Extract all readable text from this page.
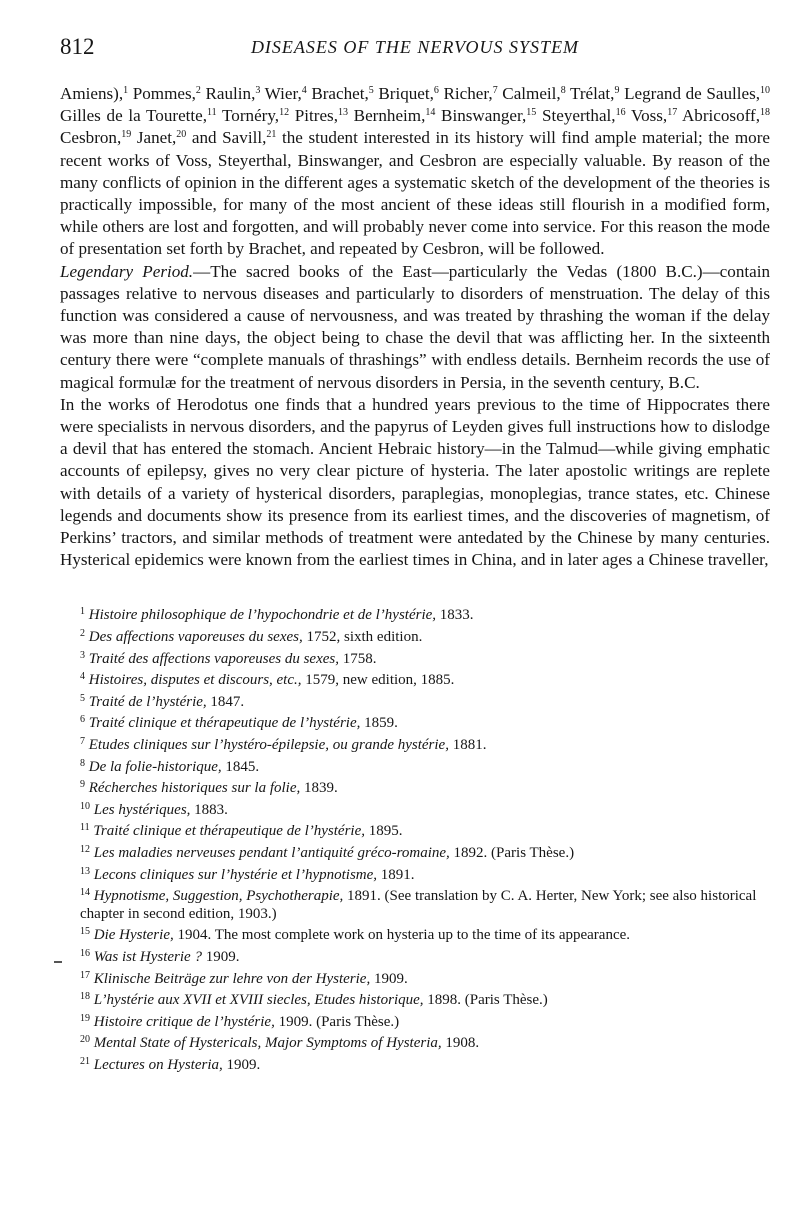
812	DISEASES OF THE NERVOUS SYSTEM

Amiens),$^1$ Pommes,$^2$ Raulin,$^3$ Wier,$^4$ Brachet,$^5$ Briquet,$^6$ Richer,$^7$ Calmeil,$^8$ Trélat,$^9$ Legrand de Saulles,$^{10}$ Gilles de la Tourette,$^{11}$ Tornéry,$^{12}$ Pitres,$^{13}$ Bernheim,$^{14}$ Binswanger,$^{15}$ Steyerthal,$^{16}$ Voss,$^{17}$ Abricosoff,$^{18}$ Cesbron,$^{19}$ Janet,$^{20}$ and Savill,$^{21}$ the student interested in its history will find ample material; the more recent works of Voss, Steyerthal, Binswanger, and Cesbron are especially valuable. By reason of the many conflicts of opinion in the different ages a systematic sketch of the development of the theories is practically impossible, for many of the most ancient of these ideas still flourish in a modified form, while others are lost and forgotten, and will probably never come into service. For this reason the mode of presentation set forth by Brachet, and repeated by Cesbron, will be followed.

Legendary Period.—The sacred books of the East—particularly the Vedas (1800 B.C.)—contain passages relative to nervous diseases and particularly to disorders of menstruation. The delay of this function was considered a cause of nervousness, and was treated by thrashing the woman if the delay was more than nine days, the object being to chase the devil that was afflicting her. In the sixteenth century there were “complete manuals of thrashings” with endless details. Bernheim records the use of magical formulæ for the treatment of nervous disorders in Persia, in the seventh century, B.C.

In the works of Herodotus one finds that a hundred years previous to the time of Hippocrates there were specialists in nervous disorders, and the papyrus of Leyden gives full instructions how to dislodge a devil that has entered the stomach. Ancient Hebraic history—in the Talmud—while giving emphatic accounts of epilepsy, gives no very clear picture of hysteria. The later apostolic writings are replete with details of a variety of hysterical disorders, paraplegias, monoplegias, trance states, etc. Chinese legends and documents show its presence from its earliest times, and the discoveries of magnetism, of Perkins’ tractors, and similar methods of treatment were antedated by the Chinese by many centuries. Hysterical epidemics were known from the earliest times in China, and in later ages a Chinese traveller,

$^1$ Histoire philosophique de l’hypochondrie et de l’hystérie, 1833.
$^2$ Des affections vaporeuses du sexes, 1752, sixth edition.
$^3$ Traité des affections vaporeuses du sexes, 1758.
$^4$ Histoires, disputes et discours, etc., 1579, new edition, 1885.
$^5$ Traité de l’hystérie, 1847.
$^6$ Traité clinique et thérapeutique de l’hystérie, 1859.
$^7$ Etudes cliniques sur l’hystéro-épilepsie, ou grande hystérie, 1881.
$^8$ De la folie-historique, 1845.
$^9$ Récherches historiques sur la folie, 1839.
$^{10}$ Les hystériques, 1883.
$^{11}$ Traité clinique et thérapeutique de l’hystérie, 1895.
$^{12}$ Les maladies nerveuses pendant l’antiquité gréco-romaine, 1892. (Paris Thèse.)
$^{13}$ Lecons cliniques sur l’hystérie et l’hypnotisme, 1891.
$^{14}$ Hypnotisme, Suggestion, Psychotherapie, 1891. (See translation by C. A. Herter, New York; see also historical chapter in second edition, 1903.)
$^{15}$ Die Hysterie, 1904. The most complete work on hysteria up to the time of its appearance.
$^{16}$ Was ist Hysterie ? 1909.
$^{17}$ Klinische Beiträge zur lehre von der Hysterie, 1909.
$^{18}$ L’hystérie aux XVII et XVIII siecles, Etudes historique, 1898. (Paris Thèse.)
$^{19}$ Histoire critique de l’hystérie, 1909. (Paris Thèse.)
$^{20}$ Mental State of Hystericals, Major Symptoms of Hysteria, 1908.
$^{21}$ Lectures on Hysteria, 1909.
